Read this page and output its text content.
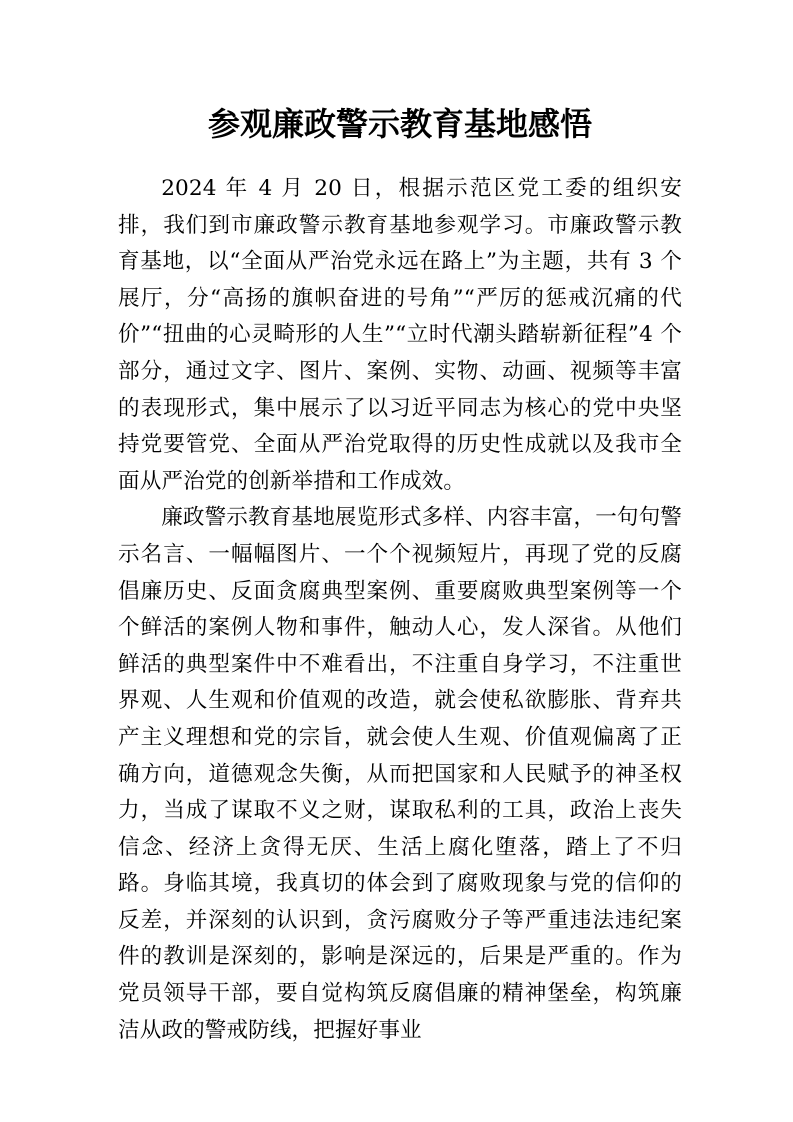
参观廉政警示教育基地感悟

2024 年 4 月 20 日，根据示范区党工委的组织安排，我们到市廉政警示教育基地参观学习。市廉政警示教育基地，以“全面从严治党永远在路上”为主题，共有 3 个展厅，分“高扬的旗帜奋进的号角”“严厉的惩戒沉痛的代价”“扭曲的心灵畸形的人生”“立时代潮头踏崭新征程”4 个部分，通过文字、图片、案例、实物、动画、视频等丰富的表现形式，集中展示了以习近平同志为核心的党中央坚持党要管党、全面从严治党取得的历史性成就以及我市全面从严治党的创新举措和工作成效。

廉政警示教育基地展览形式多样、内容丰富，一句句警示名言、一幅幅图片、一个个视频短片，再现了党的反腐倡廉历史、反面贪腐典型案例、重要腐败典型案例等一个个鲜活的案例人物和事件，触动人心，发人深省。从他们鲜活的典型案件中不难看出，不注重自身学习，不注重世界观、人生观和价值观的改造，就会使私欲膨胀、背弃共产主义理想和党的宗旨，就会使人生观、价值观偏离了正确方向，道德观念失衡，从而把国家和人民赋予的神圣权力，当成了谋取不义之财，谋取私利的工具，政治上丧失信念、经济上贪得无厌、生活上腐化堕落，踏上了不归路。身临其境，我真切的体会到了腐败现象与党的信仰的反差，并深刻的认识到，贪污腐败分子等严重违法违纪案件的教训是深刻的，影响是深远的，后果是严重的。作为党员领导干部，要自觉构筑反腐倡廉的精神堡垒，构筑廉洁从政的警戒防线，把握好事业
